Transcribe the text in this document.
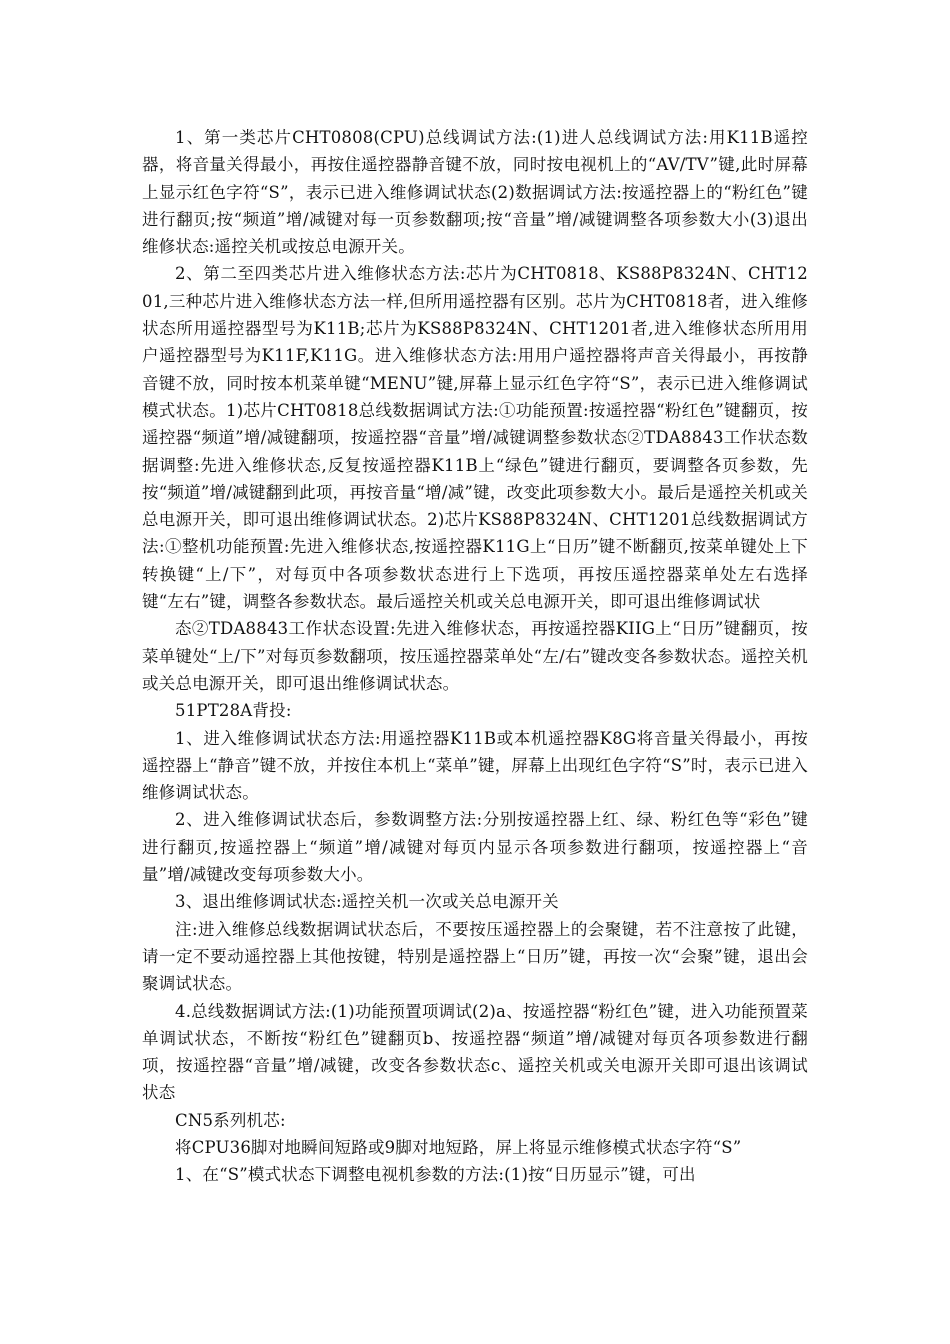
1、第一类芯片CHT0808(CPU)总线调试方法:(1)进人总线调试方法:用K11B遥控器，将音量关得最小，再按住遥控器静音键不放，同时按电视机上的“AV/TV”键,此时屏幕上显示红色字符“S”，表示已进入维修调试状态(2)数据调试方法:按遥控器上的“粉红色”键进行翻页;按“频道”增/减键对每一页参数翻项;按“音量”增/减键调整各项参数大小(3)退出维修状态:遥控关机或按总电源开关。

2、第二至四类芯片进入维修状态方法:芯片为CHT0818、KS88P8324N、CHT1201,三种芯片进入维修状态方法一样,但所用遥控器有区别。芯片为CHT0818者，进入维修状态所用遥控器型号为K11B;芯片为KS88P8324N、CHT1201者,进入维修状态所用用户遥控器型号为K11F,K11G。进入维修状态方法:用用户遥控器将声音关得最小，再按静音键不放，同时按本机菜单键“MENU”键,屏幕上显示红色字符“S”，表示已进入维修调试模式状态。1)芯片CHT0818总线数据调试方法:①功能预置:按遥控器“粉红色”键翻页，按遥控器“频道”增/减键翻项，按遥控器“音量”增/减键调整参数状态②TDA8843工作状态数据调整:先进入维修状态,反复按遥控器K11B上“绿色”键进行翻页，要调整各页参数，先按“频道”增/减键翻到此项，再按音量“增/减”键，改变此项参数大小。最后是遥控关机或关总电源开关，即可退出维修调试状态。2)芯片KS88P8324N、CHT1201总线数据调试方法:①整机功能预置:先进入维修状态,按遥控器K11G上“日历”键不断翻页,按菜单键处上下转换键“上/下”，对每页中各项参数状态进行上下选项，再按压遥控器菜单处左右选择键“左右”键，调整各参数状态。最后遥控关机或关总电源开关，即可退出维修调试状

态②TDA8843工作状态设置:先进入维修状态，再按遥控器KIIG上“日历”键翻页，按菜单键处“上/下”对每页参数翻项，按压遥控器菜单处“左/右”键改变各参数状态。遥控关机或关总电源开关，即可退出维修调试状态。

51PT28A背投:

1、进入维修调试状态方法:用遥控器K11B或本机遥控器K8G将音量关得最小，再按遥控器上“静音”键不放，并按住本机上“菜单”键，屏幕上出现红色字符“S”时，表示已进入维修调试状态。

2、进入维修调试状态后，参数调整方法:分别按遥控器上红、绿、粉红色等“彩色”键进行翻页,按遥控器上“频道”增/减键对每页内显示各项参数进行翻项，按遥控器上“音量”增/减键改变每项参数大小。

3、退出维修调试状态:遥控关机一次或关总电源开关

注:进入维修总线数据调试状态后，不要按压遥控器上的会聚键，若不注意按了此键，请一定不要动遥控器上其他按键，特别是遥控器上“日历”键，再按一次“会聚”键，退出会聚调试状态。

4.总线数据调试方法:(1)功能预置项调试(2)a、按遥控器“粉红色”键，进入功能预置菜单调试状态，不断按“粉红色”键翻页b、按遥控器“频道”增/减键对每页各项参数进行翻项，按遥控器“音量”增/减键，改变各参数状态c、遥控关机或关电源开关即可退出该调试状态

CN5系列机芯:

将CPU36脚对地瞬间短路或9脚对地短路，屏上将显示维修模式状态字符“S”

1、在“S”模式状态下调整电视机参数的方法:(1)按“日历显示”键，可出
